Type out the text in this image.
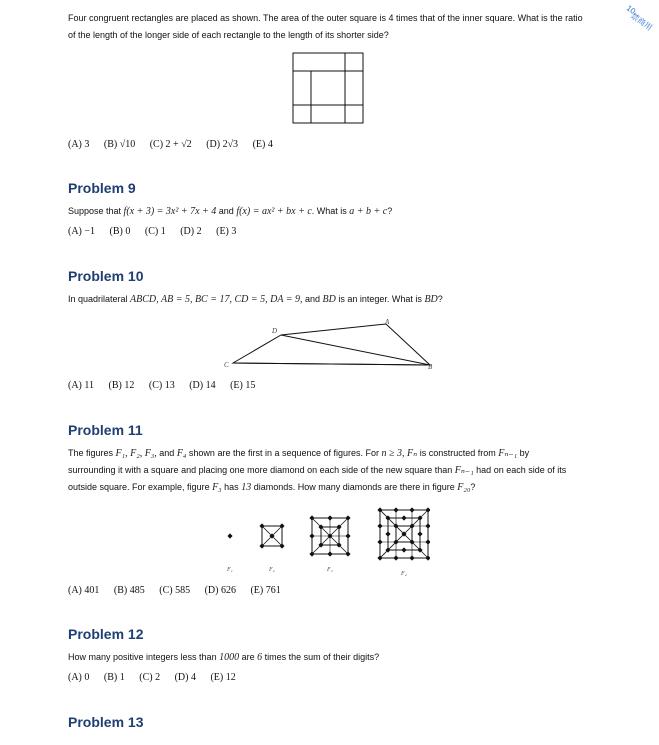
10
禁商用
Four congruent rectangles are placed as shown. The area of the outer square is 4 times that of the inner square. What is the ratio
of the length of the longer side of each rectangle to the length of its shorter side?
(A) 3 (B) √10 (C) 2 + √2 (D) 2√3 (E) 4
Problem 9
Suppose that f(x + 3) = 3x² + 7x + 4 and f(x) = ax² + bx + c. What is a + b + c?
(A) −1 (B) 0 (C) 1 (D) 2 (E) 3
Problem 10
In quadrilateral ABCD, AB = 5, BC = 17, CD = 5, DA = 9, and BD is an integer. What is BD?
C
D
A
B
(A) 11 (B) 12 (C) 13 (D) 14 (E) 15
Problem 11
The figures F₁, F₂, F₃, and F₄ shown are the first in a sequence of figures. For n ≥ 3, Fₙ is constructed from Fₙ₋₁ by
surrounding it with a square and placing one more diamond on each side of the new square than Fₙ₋₁ had on each side of its
outside square. For example, figure F₃ has 13 diamonds. How many diamonds are there in figure F₂₀?
F₁	F₂	F₃
F₄
(A) 401 (B) 485 (C) 585 (D) 626 (E) 761
Problem 12
How many positive integers less than 1000 are 6 times the sum of their digits?
(A) 0 (B) 1 (C) 2 (D) 4 (E) 12
Problem 13
